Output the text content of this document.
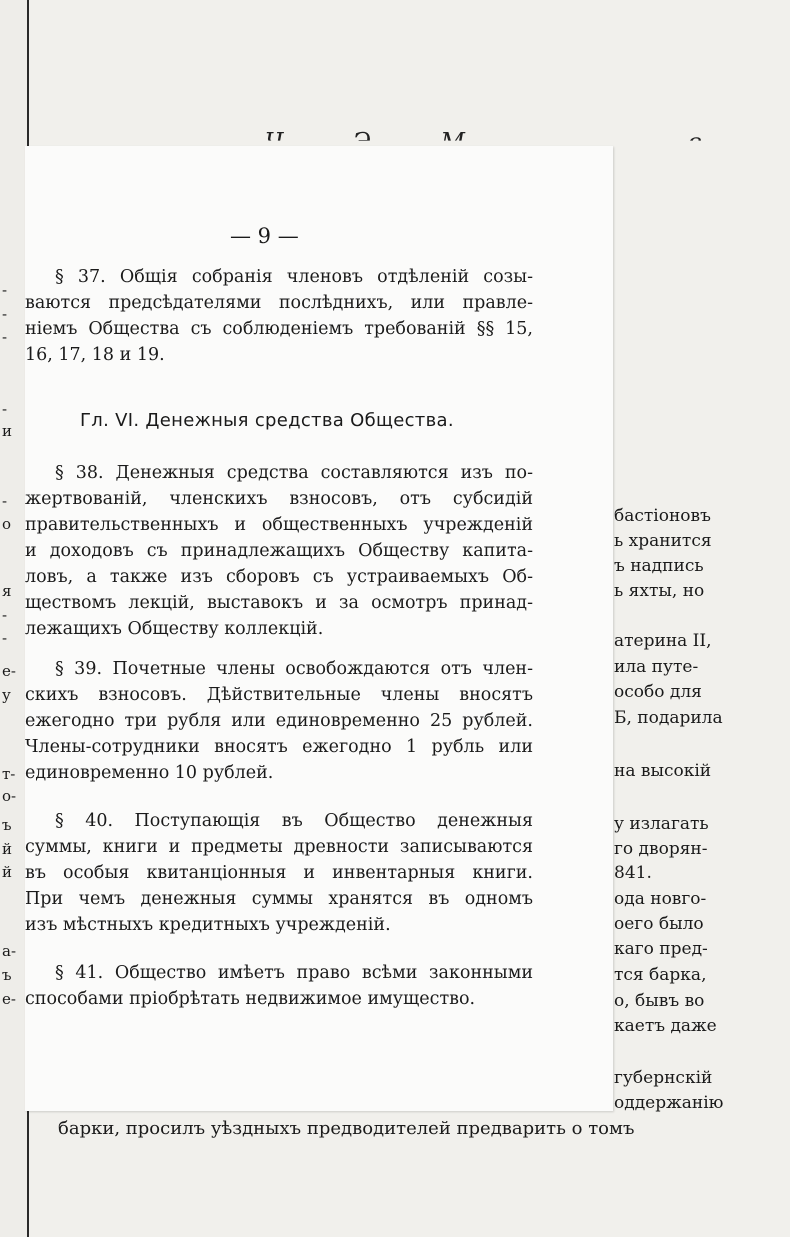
-
-
-
-
и
-
о
я
-
-
е-
у
т-
о-
ъ
й
й
а-
ъ
е-
бастіоновъ
ь хранится
ъ надпись
ь яхты, но
атерина II,
ила путе-
особо для
Б, подарила
на высокій
у излагать
го дворян-
841.
ода новго-
оего было
кaго пред-
тся барка,
о, бывъ во
каетъ даже
губернскій
оддержанію
барки, просилъ уѣздныхъ предводителей предварить о томъ
— 9 —
§ 37. Общія собранія членовъ отдѣленій созы-
ваются предсѣдателями послѣднихъ, или правле-
ніемъ Общества съ соблюденіемъ требованій §§ 15,
16, 17, 18 и 19.
Гл. VI. Денежныя средства Общества.
§ 38. Денежныя средства составляются изъ по-
жертвованій, членскихъ взносовъ, отъ субсидій
правительственныхъ и общественныхъ учрежденій
и доходовъ съ принадлежащихъ Обществу капита-
ловъ, а также изъ сборовъ съ устраиваемыхъ Об-
ществомъ лекцій, выставокъ и за осмотръ принад-
лежащихъ Обществу коллекцій.
§ 39. Почетные члены освобождаются отъ член-
скихъ взносовъ. Дѣйствительные члены вносятъ
ежегодно три рубля или единовременно 25 рублей.
Члены-сотрудники вносятъ ежегодно 1 рубль или
единовременно 10 рублей.
§ 40. Поступающія въ Общество денежныя
суммы, книги и предметы древности записываются
въ особыя квитанціонныя и инвентарныя книги.
При чемъ денежныя суммы хранятся въ одномъ
изъ мѣстныхъ кредитныхъ учрежденій.
§ 41. Общество имѣетъ право всѣми законными
способами пріобрѣтать недвижимое имущество.
